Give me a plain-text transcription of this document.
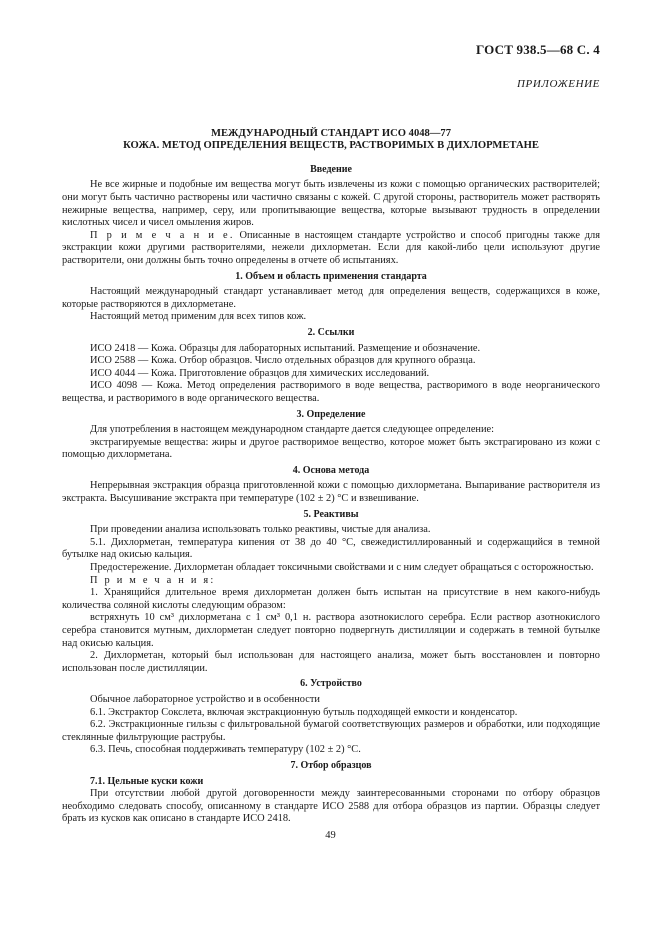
ГОСТ 938.5—68 С. 4
ПРИЛОЖЕНИЕ
МЕЖДУНАРОДНЫЙ СТАНДАРТ ИСО 4048—77
КОЖА. МЕТОД ОПРЕДЕЛЕНИЯ ВЕЩЕСТВ, РАСТВОРИМЫХ В ДИХЛОРМЕТАНЕ
Введение

Не все жирные и подобные им вещества могут быть извлечены из кожи с помощью органических растворителей; они могут быть частично растворены или частично связаны с кожей. С другой стороны, растворитель может растворять нежирные вещества, например, серу, или пропитывающие вещества, которые вызывают трудность в определении кислотных чисел и чисел омыления жиров.

П р и м е ч а н и е. Описанные в настоящем стандарте устройство и способ пригодны также для экстракции кожи другими растворителями, нежели дихлорметан. Если для какой-либо цели используют другие растворители, они должны быть точно определены в отчете об испытаниях.

1. Объем и область применения стандарта

Настоящий международный стандарт устанавливает метод для определения веществ, содержащихся в коже, которые растворяются в дихлорметане.

Настоящий метод применим для всех типов кож.

2. Ссылки

ИСО 2418 — Кожа. Образцы для лабораторных испытаний. Размещение и обозначение.

ИСО 2588 — Кожа. Отбор образцов. Число отдельных образцов для крупного образца.

ИСО 4044 — Кожа. Приготовление образцов для химических исследований.

ИСО 4098 — Кожа. Метод определения растворимого в воде вещества, растворимого в воде неорганического вещества, и растворимого в воде органического вещества.

3. Определение

Для употребления в настоящем международном стандарте дается следующее определение:

экстрагируемые вещества: жиры и другое растворимое вещество, которое может быть экстрагировано из кожи с помощью дихлорметана.

4. Основа метода

Непрерывная экстракция образца приготовленной кожи с помощью дихлорметана. Выпаривание растворителя из экстракта. Высушивание экстракта при температуре (102 ± 2) °С и взвешивание.

5. Реактивы

При проведении анализа использовать только реактивы, чистые для анализа.

5.1. Дихлорметан, температура кипения от 38 до 40 °С, свежедистиллированный и содержащийся в темной бутылке над окисью кальция.

Предостережение. Дихлорметан обладает токсичными свойствами и с ним следует обращаться с осторожностью.

П р и м е ч а н и я:

1. Хранящийся длительное время дихлорметан должен быть испытан на присутствие в нем какого-нибудь количества соляной кислоты следующим образом:

встряхнуть 10 см³ дихлорметана с 1 см³ 0,1 н. раствора азотнокислого серебра. Если раствор азотнокислого серебра становится мутным, дихлорметан следует повторно подвергнуть дистилляции и содержать в темной бутылке над окисью кальция.

2. Дихлорметан, который был использован для настоящего анализа, может быть восстановлен и повторно использован после дистилляции.

6. Устройство

Обычное лабораторное устройство и в особенности

6.1. Экстрактор Сокслета, включая экстракционную бутыль подходящей емкости и конденсатор.

6.2. Экстракционные гильзы с фильтровальной бумагой соответствующих размеров и обработки, или подходящие стеклянные фильтрующие раструбы.

6.3. Печь, способная поддерживать температуру (102 ± 2) °С.

7. Отбор образцов
7.1. Цельные куски кожи

При отсутствии любой другой договоренности между заинтересованными сторонами по отбору образцов необходимо следовать способу, описанному в стандарте ИСО 2588 для отбора образцов из партии. Образцы следует брать из кусков как описано в стандарте ИСО 2418.

49
